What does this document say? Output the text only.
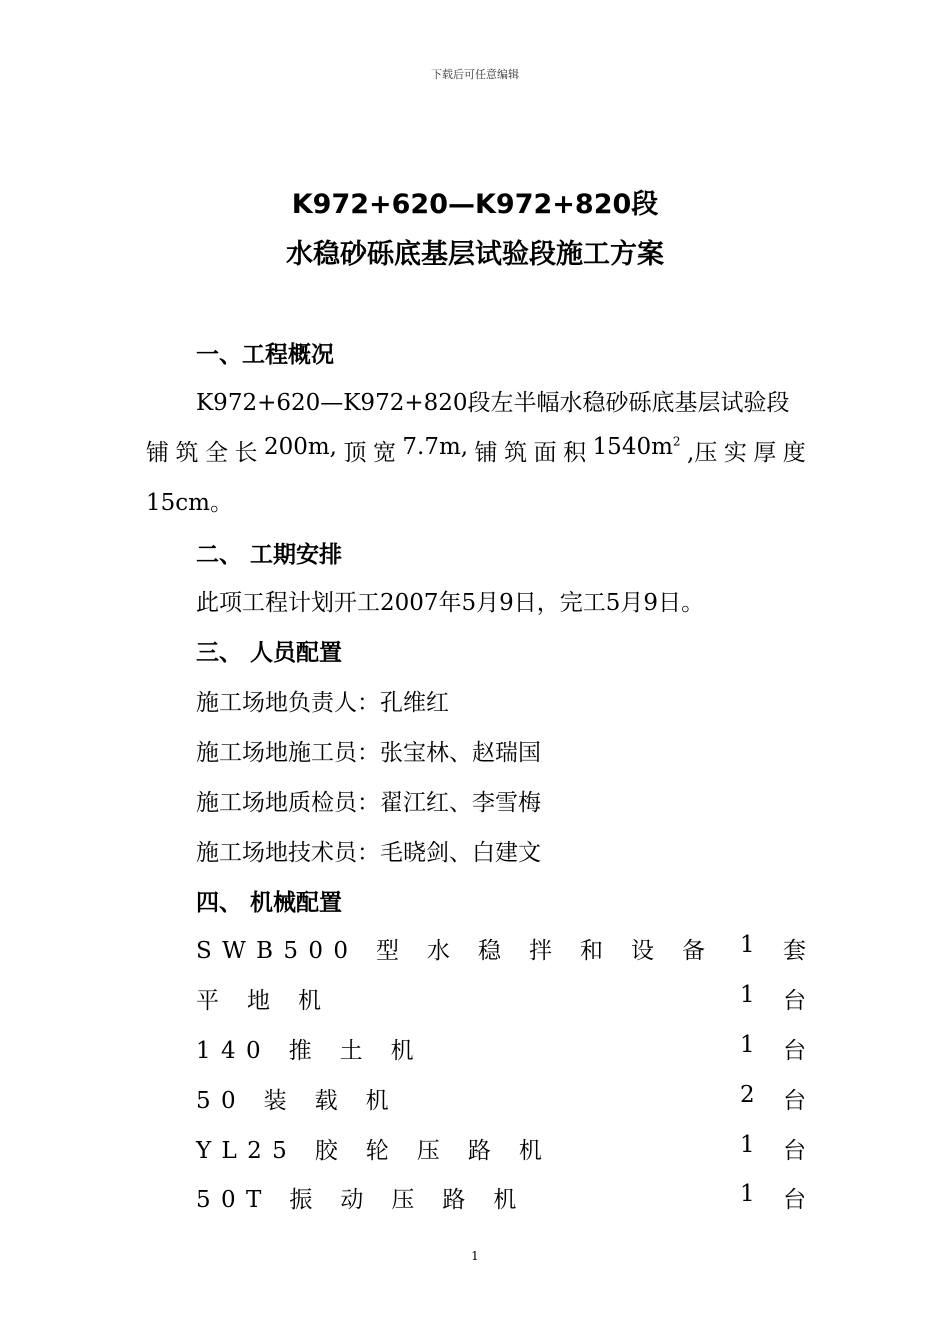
下载后可任意编辑
K972+620—K972+820段
水稳砂砾底基层试验段施工方案
一、工程概况
K972+620—K972+820段左半幅水稳砂砾底基层试验段
铺 筑 全 长 200m, 顶 宽 7.7m, 铺 筑 面 积 $1540m^2$ ,压 实 厚 度
15cm。
二、 工期安排
此项工程计划开工2007年5月9日，完工5月9日。
三、 人员配置
施工场地负责人：孔维红
施工场地施工员：张宝林、赵瑞国
施工场地质检员：翟江红、李雪梅
施工场地技术员：毛晓剑、白建文
四、 机械配置
SWB500 型 水 稳 拌 和 设 备 1 套
平 地 机	1 台
140 推 土 机	1 台
50 装 载 机	2 台
YL25 胶 轮 压 路 机	1 台
50T 振 动 压 路 机	1 台
1
